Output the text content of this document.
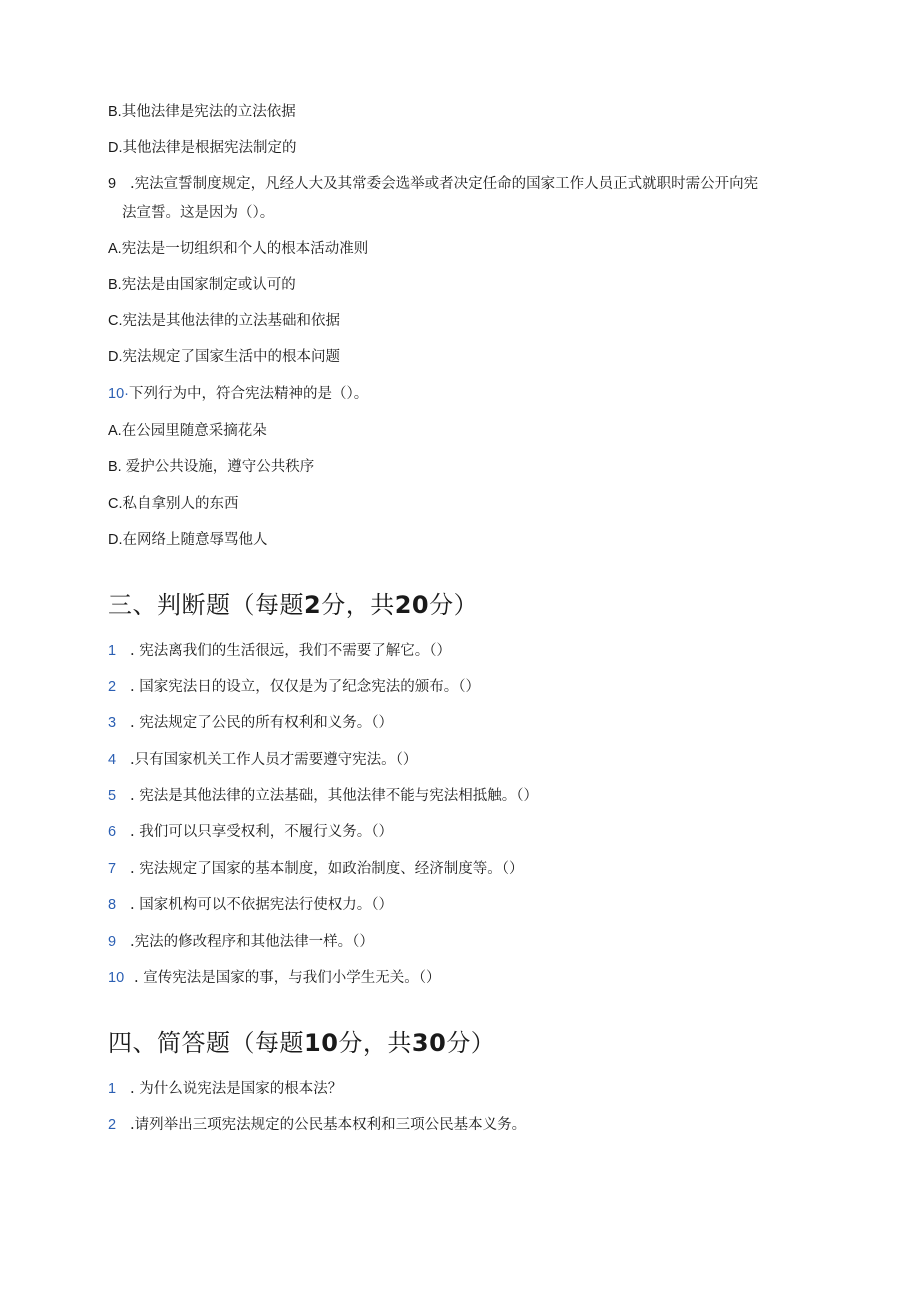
B.其他法律是宪法的立法依据
D.其他法律是根据宪法制定的
9 .宪法宣誓制度规定，凡经人大及其常委会选举或者决定任命的国家工作人员正式就职时需公开向宪
法宣誓。这是因为（）。
A.宪法是一切组织和个人的根本活动准则
B.宪法是由国家制定或认可的
C.宪法是其他法律的立法基础和依据
D.宪法规定了国家生活中的根本问题
10·下列行为中，符合宪法精神的是（）。
A.在公园里随意采摘花朵
B. 爱护公共设施，遵守公共秩序
C.私自拿别人的东西
D.在网络上随意辱骂他人
三、判断题（每题2分，共20分）
1 . 宪法离我们的生活很远，我们不需要了解它。（）
2 . 国家宪法日的设立，仅仅是为了纪念宪法的颁布。（）
3 . 宪法规定了公民的所有权利和义务。（）
4 .只有国家机关工作人员才需要遵守宪法。（）
5 . 宪法是其他法律的立法基础，其他法律不能与宪法相抵触。（）
6 . 我们可以只享受权利，不履行义务。（）
7 . 宪法规定了国家的基本制度，如政治制度、经济制度等。（）
8 . 国家机构可以不依据宪法行使权力。（）
9 .宪法的修改程序和其他法律一样。（）
10 . 宣传宪法是国家的事，与我们小学生无关。（）
四、简答题（每题10分，共30分）
1 . 为什么说宪法是国家的根本法？
2 .请列举出三项宪法规定的公民基本权利和三项公民基本义务。
